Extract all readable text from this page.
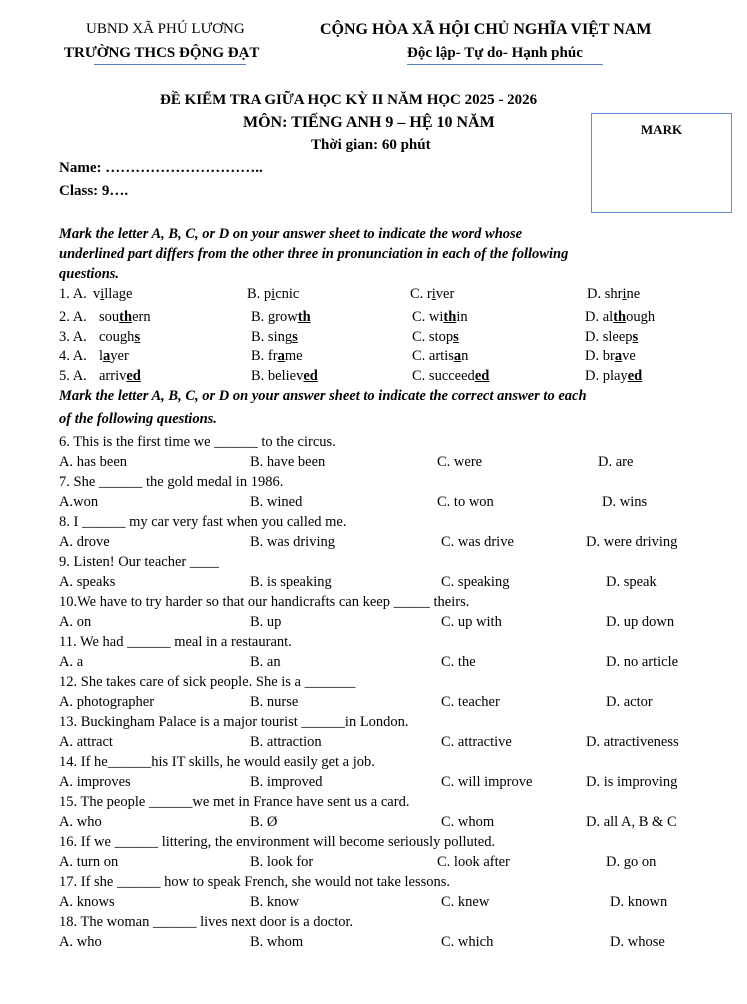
UBND XÃ PHÚ LƯƠNG
TRƯỜNG THCS ĐỘNG ĐẠT
CỘNG HÒA XÃ HỘI CHỦ NGHĨA VIỆT NAM
Độc lập- Tự do- Hạnh phúc
ĐỀ KIỂM TRA GIỮA HỌC KỲ II NĂM HỌC 2025 - 2026
MÔN: TIẾNG ANH 9 – HỆ 10 NĂM
Thời gian: 60 phút
MARK
Name: …………………………..
Class: 9….
Mark the letter A, B, C, or D on your answer sheet to indicate the word whose
underlined part differs from the other three in pronunciation in each of the following
questions.
1. A. village	B. picnic	C. river	D. shrine
2. A. southern	B. growth	C. within	D. although
3. A. coughs	B. sings	C. stops	D. sleeps
4. A. layer	B. frame	C. artisan	D. brave
5. A. arrived	B. believed	C. succeeded	D. played
Mark the letter A, B, C, or D on your answer sheet to indicate the correct answer to each
of the following questions.
6. This is the first time we ______ to the circus.
A. has been	B. have been	C. were	D. are
7. She ______ the gold medal in 1986.
A.won	B. wined	C. to won	D. wins
8. I ______ my car very fast when you called me.
A. drove	B. was driving	C. was drive	D. were driving
9. Listen! Our teacher ____
A. speaks	B. is speaking	C. speaking	D. speak
10.We have to try harder so that our handicrafts can keep _____ theirs.
A. on	B. up	C. up with	D. up down
11. We had ______ meal in a restaurant.
A. a	B. an	C. the	D. no article
12. She takes care of sick people. She is a _______
A. photographer	B. nurse	C. teacher	D. actor
13. Buckingham Palace is a major tourist ______in London.
A. attract	B. attraction	C. attractive	D. atractiveness
14. If he______his IT skills, he would easily get a job.
A. improves	B. improved	C. will improve	D. is improving
15. The people ______we met in France have sent us a card.
A. who	B. Ø	C. whom	D. all A, B & C
16. If we ______ littering, the environment will become seriously polluted.
A. turn on	B. look for	C. look after	D. go on
17. If she ______ how to speak French, she would not take lessons.
A. knows	B. know	C. knew	D. known
18. The woman ______ lives next door is a doctor.
A. who	B. whom	C. which	D. whose
